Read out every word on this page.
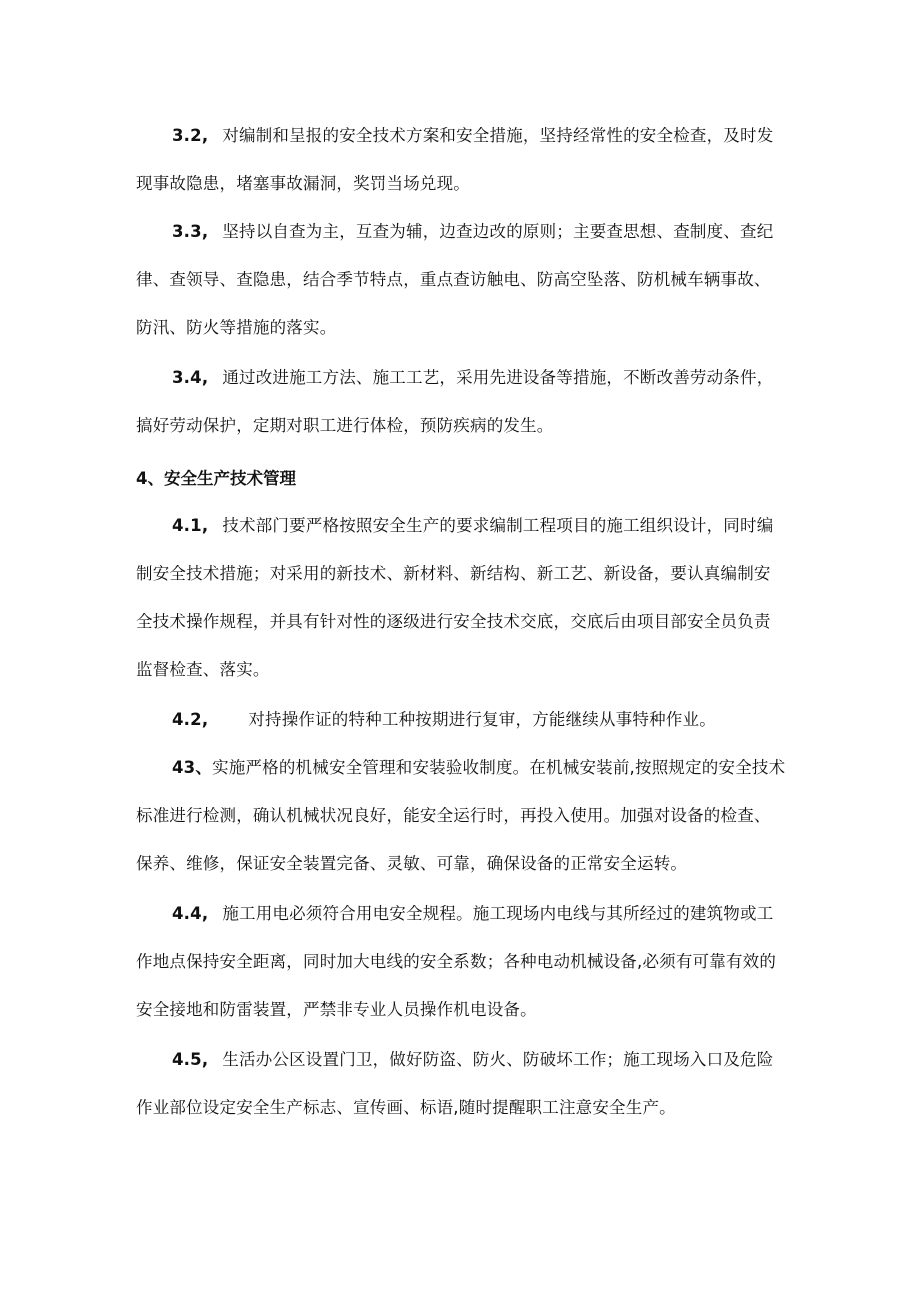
3.2, 对编制和呈报的安全技术方案和安全措施，坚持经常性的安全检查，及时发现事故隐患，堵塞事故漏洞，奖罚当场兑现。

3.3, 坚持以自查为主，互查为辅，边查边改的原则；主要查思想、查制度、查纪律、查领导、查隐患，结合季节特点，重点查访触电、防高空坠落、防机械车辆事故、防汛、防火等措施的落实。

3.4, 通过改进施工方法、施工工艺，采用先进设备等措施，不断改善劳动条件，搞好劳动保护，定期对职工进行体检，预防疾病的发生。

4、安全生产技术管理

4.1, 技术部门要严格按照安全生产的要求编制工程项目的施工组织设计，同时编制安全技术措施；对采用的新技术、新材料、新结构、新工艺、新设备，要认真编制安全技术操作规程，并具有针对性的逐级进行安全技术交底，交底后由项目部安全员负责监督检查、落实。

4.2, 对持操作证的特种工种按期进行复审，方能继续从事特种作业。

43、实施严格的机械安全管理和安装验收制度。在机械安装前,按照规定的安全技术标准进行检测，确认机械状况良好，能安全运行时，再投入使用。加强对设备的检查、保养、维修，保证安全装置完备、灵敏、可靠，确保设备的正常安全运转。

4.4, 施工用电必须符合用电安全规程。施工现场内电线与其所经过的建筑物或工作地点保持安全距离，同时加大电线的安全系数；各种电动机械设备,必须有可靠有效的安全接地和防雷装置，严禁非专业人员操作机电设备。

4.5, 生活办公区设置门卫，做好防盗、防火、防破坏工作；施工现场入口及危险作业部位设定安全生产标志、宣传画、标语,随时提醒职工注意安全生产。
